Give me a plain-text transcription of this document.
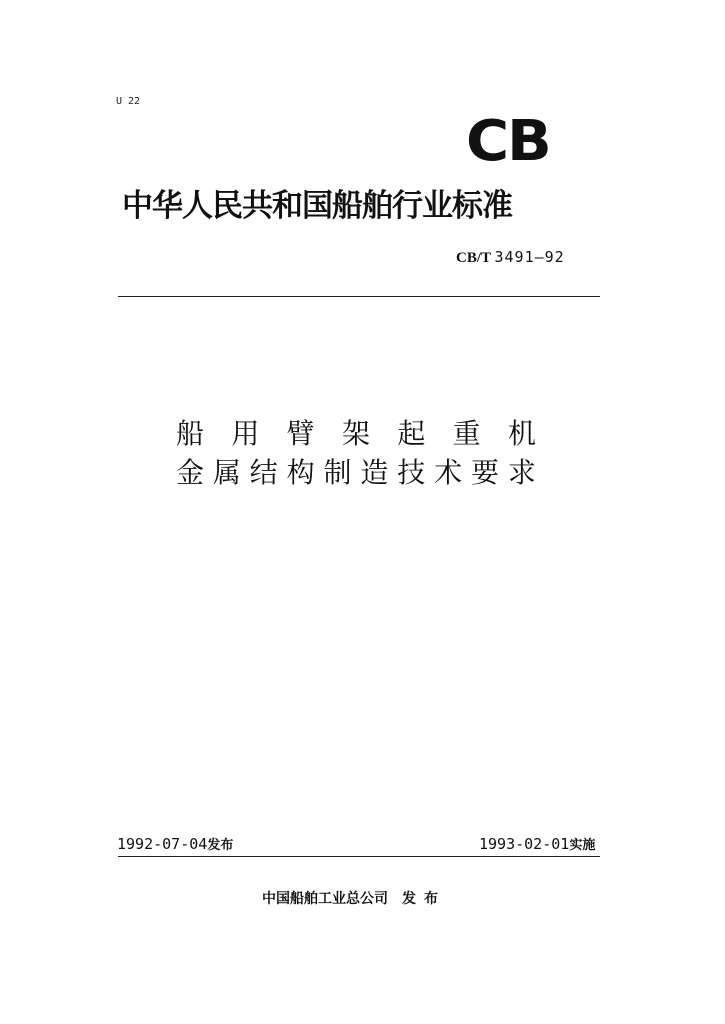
U 22
CB
中华人民共和国船舶行业标准
CB/T 3491—92
船 用 臂 架 起 重 机
金 属 结 构 制 造 技 术 要 求
1992-07-04发布	1993-02-01实施
中国船舶工业总公司 发布
